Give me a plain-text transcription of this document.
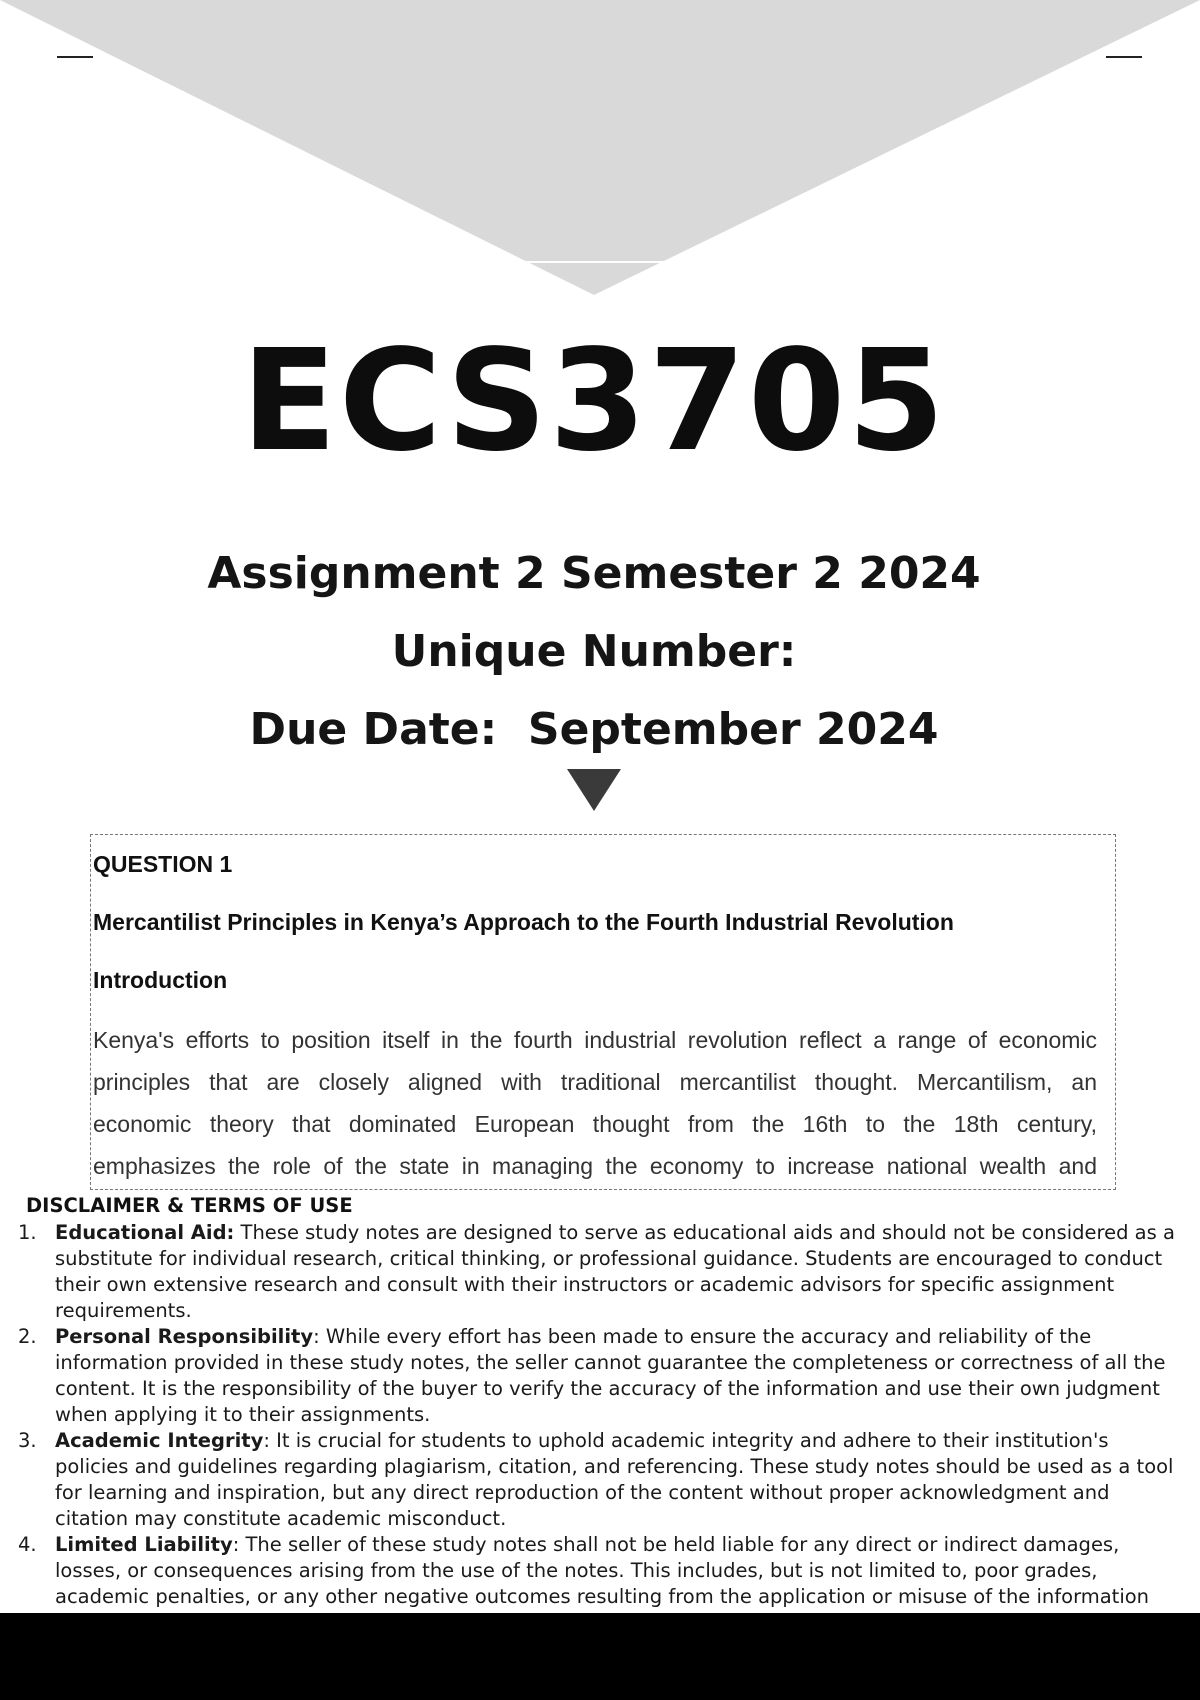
ECS3705
Assignment 2 Semester 2 2024
Unique Number:
Due Date:  September 2024
QUESTION 1
Mercantilist Principles in Kenya’s Approach to the Fourth Industrial Revolution
Introduction
Kenya's efforts to position itself in the fourth industrial revolution reflect a range of economic
principles that are closely aligned with traditional mercantilist thought. Mercantilism, an
economic theory that dominated European thought from the 16th to the 18th century,
emphasizes the role of the state in managing the economy to increase national wealth and
DISCLAIMER & TERMS OF USE
1. Educational Aid: These study notes are designed to serve as educational aids and should not be considered as a substitute for individual research, critical thinking, or professional guidance. Students are encouraged to conduct their own extensive research and consult with their instructors or academic advisors for specific assignment requirements.
2. Personal Responsibility: While every effort has been made to ensure the accuracy and reliability of the information provided in these study notes, the seller cannot guarantee the completeness or correctness of all the content. It is the responsibility of the buyer to verify the accuracy of the information and use their own judgment when applying it to their assignments.
3. Academic Integrity: It is crucial for students to uphold academic integrity and adhere to their institution's policies and guidelines regarding plagiarism, citation, and referencing. These study notes should be used as a tool for learning and inspiration, but any direct reproduction of the content without proper acknowledgment and citation may constitute academic misconduct.
4. Limited Liability: The seller of these study notes shall not be held liable for any direct or indirect damages, losses, or consequences arising from the use of the notes. This includes, but is not limited to, poor grades, academic penalties, or any other negative outcomes resulting from the application or misuse of the information
